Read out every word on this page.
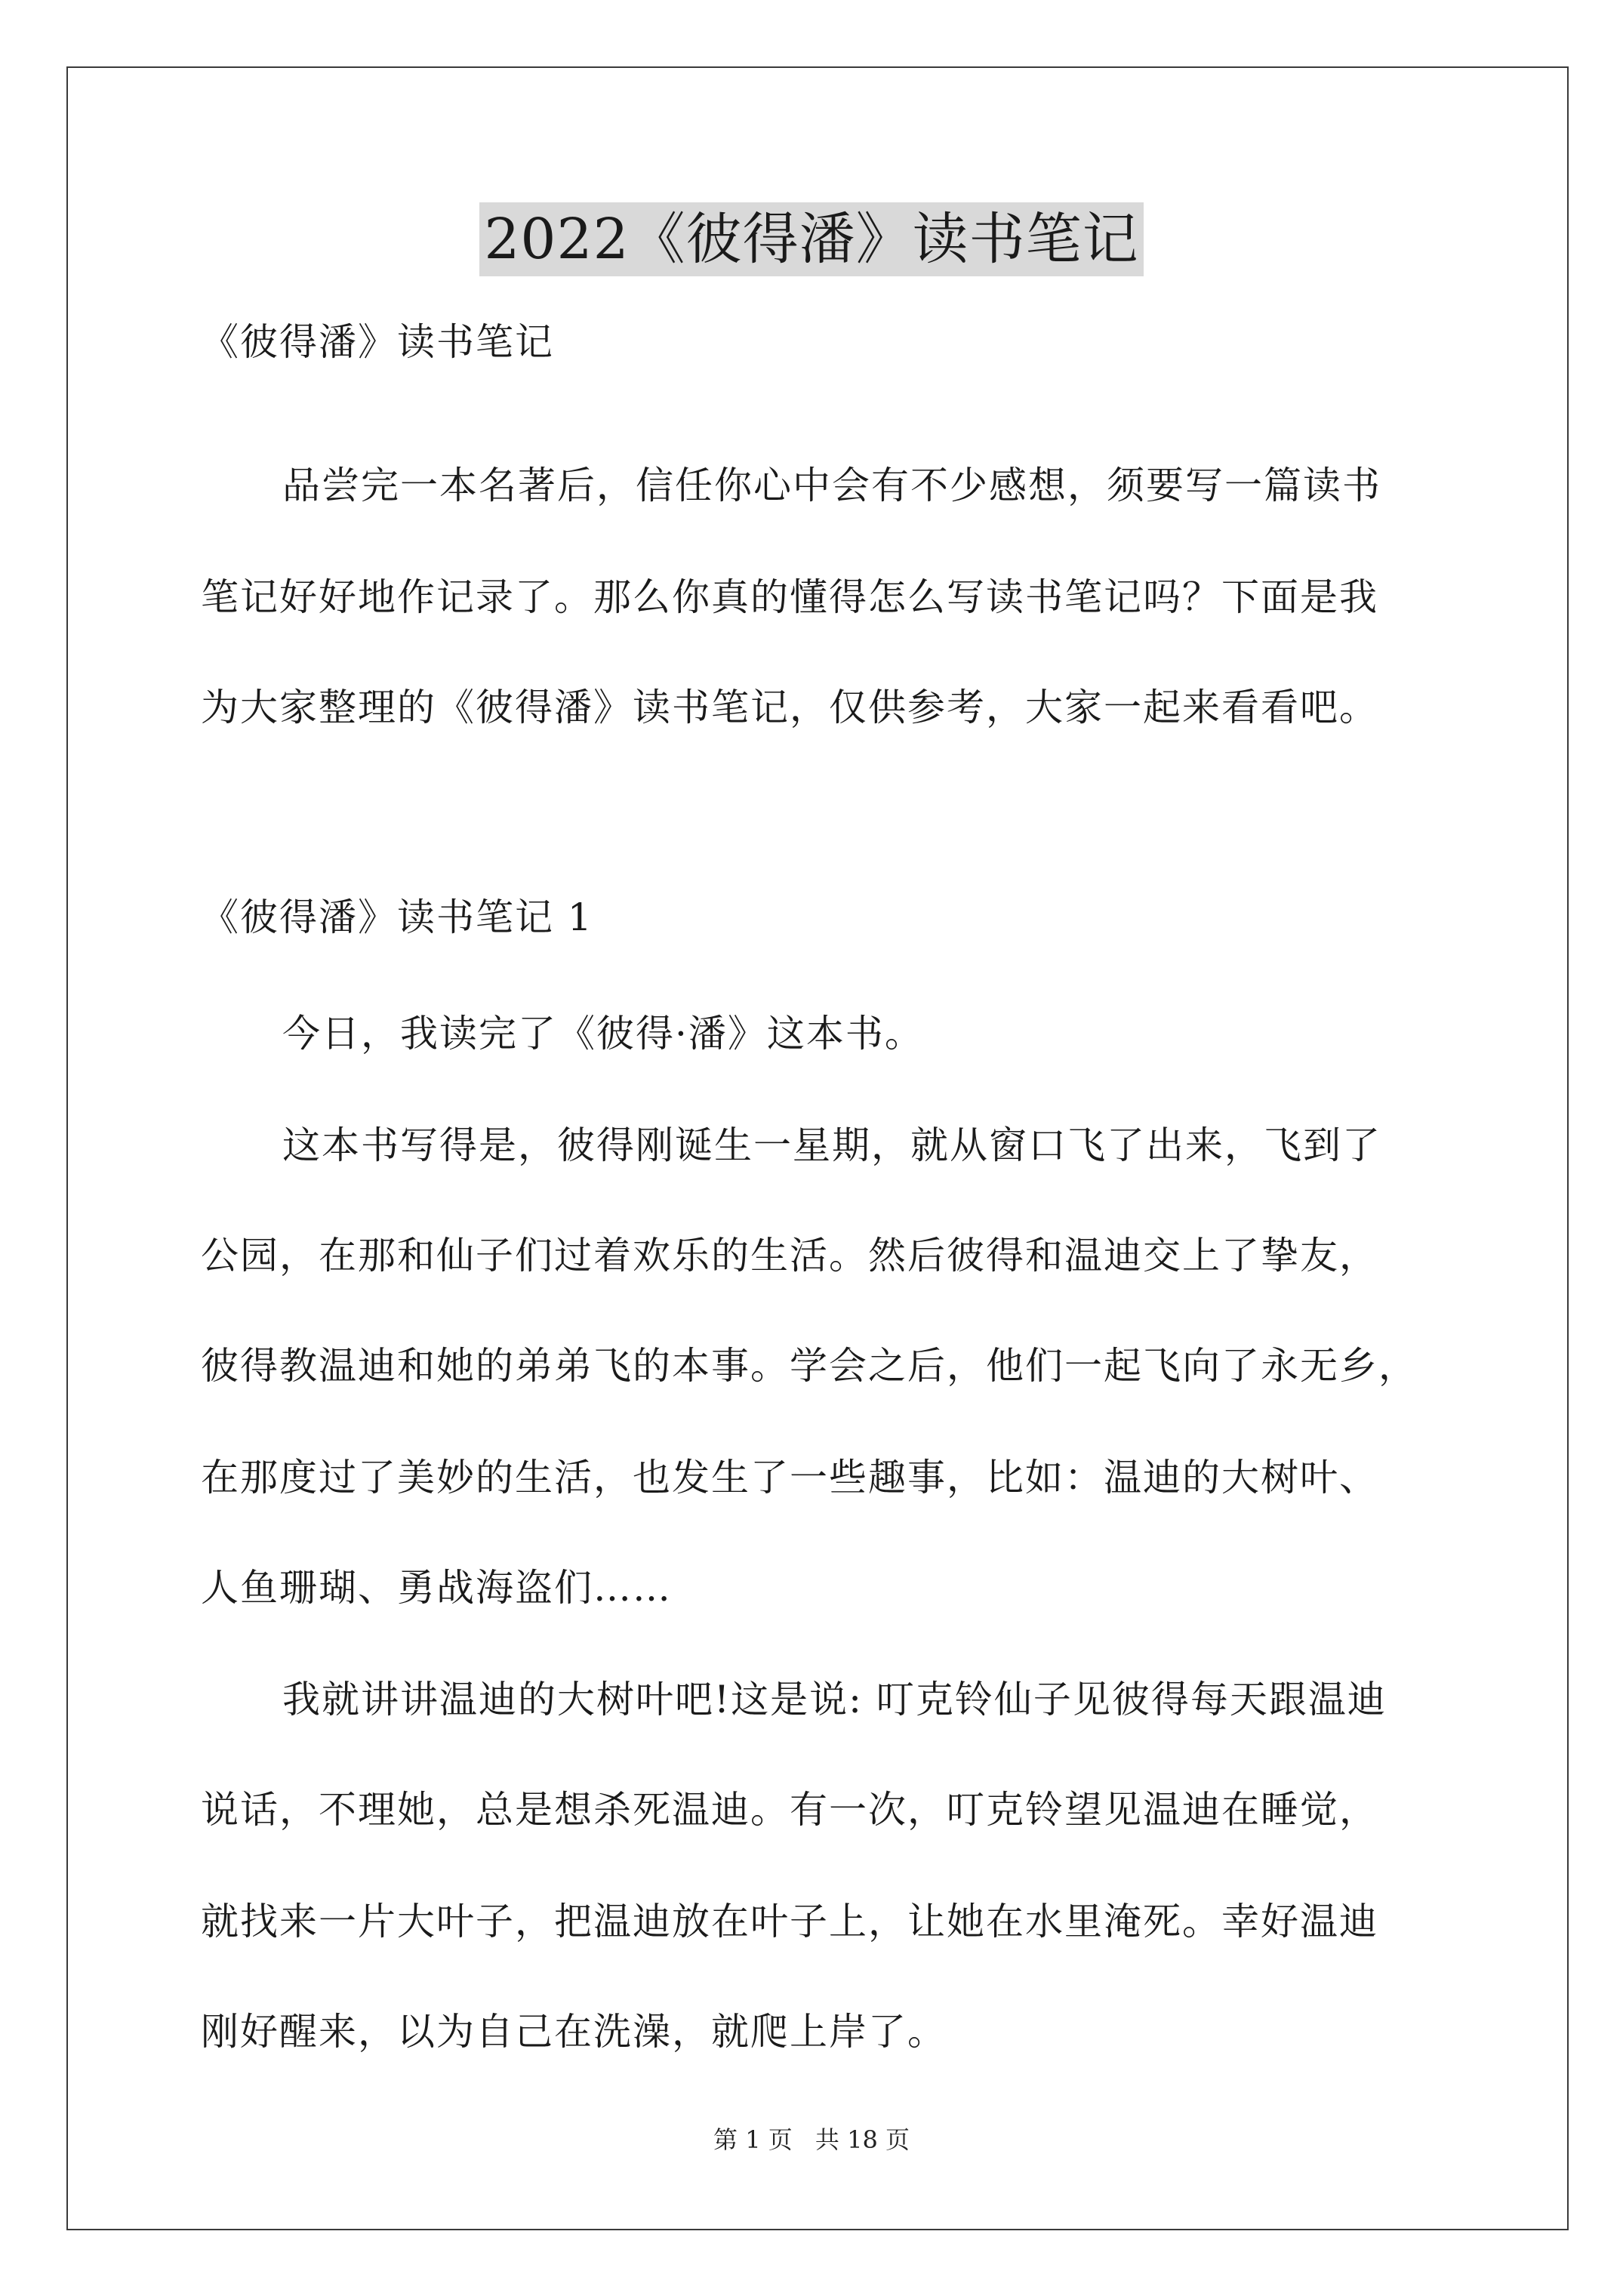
2022《彼得潘》读书笔记
《彼得潘》读书笔记
品尝完一本名著后，信任你心中会有不少感想，须要写一篇读书
笔记好好地作记录了。那么你真的懂得怎么写读书笔记吗？下面是我
为大家整理的《彼得潘》读书笔记，仅供参考，大家一起来看看吧。
《彼得潘》读书笔记 1
今日，我读完了《彼得·潘》这本书。
这本书写得是，彼得刚诞生一星期，就从窗口飞了出来，飞到了
公园，在那和仙子们过着欢乐的生活。然后彼得和温迪交上了挚友，
彼得教温迪和她的弟弟飞的本事。学会之后，他们一起飞向了永无乡，
在那度过了美妙的生活，也发生了一些趣事，比如：温迪的大树叶、
人鱼珊瑚、勇战海盗们……
我就讲讲温迪的大树叶吧!这是说: 叮克铃仙子见彼得每天跟温迪
说话，不理她，总是想杀死温迪。有一次，叮克铃望见温迪在睡觉，
就找来一片大叶子，把温迪放在叶子上，让她在水里淹死。幸好温迪
刚好醒来，以为自己在洗澡，就爬上岸了。
第 1 页 共 18 页
